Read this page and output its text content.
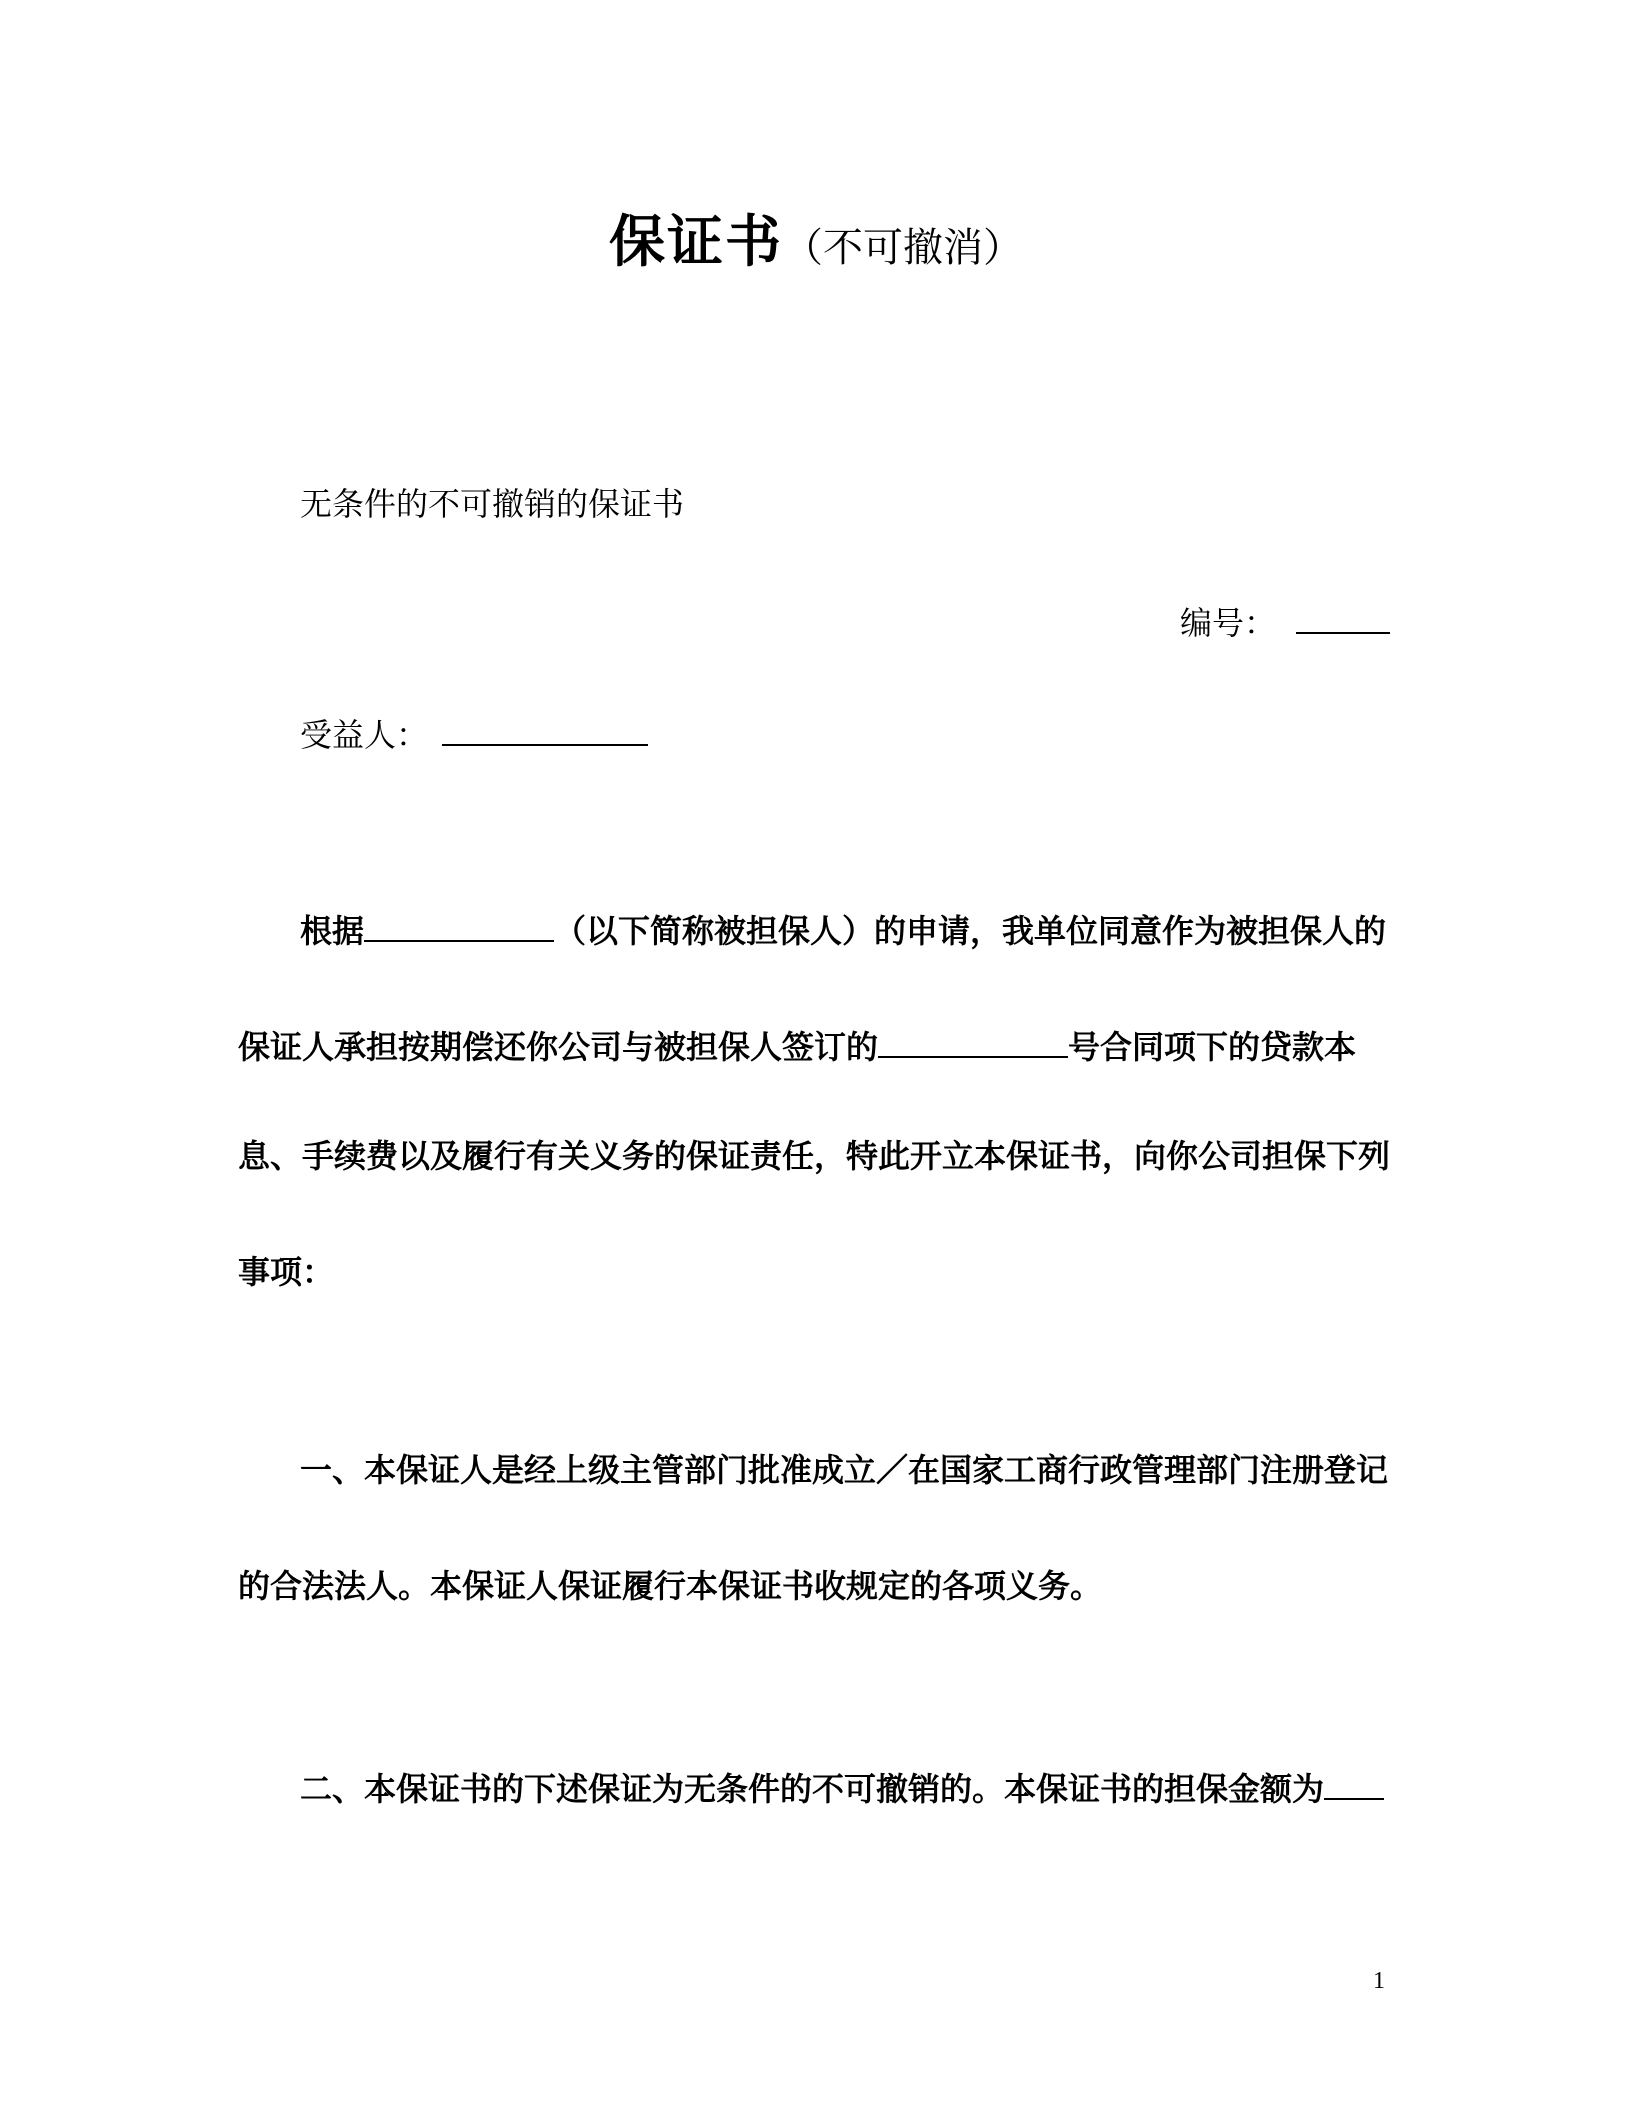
保证书（不可撤消）
无条件的不可撤销的保证书
编号：
受益人：
根据	（以下简称被担保人）的申请，我单位同意作为被担保人的
保证人承担按期偿还你公司与被担保人签订的	号合同项下的贷款本
息、手续费以及履行有关义务的保证责任，特此开立本保证书，向你公司担保下列
事项：
一、本保证人是经上级主管部门批准成立／在国家工商行政管理部门注册登记
的合法法人。本保证人保证履行本保证书收规定的各项义务。
二、本保证书的下述保证为无条件的不可撤销的。本保证书的担保金额为
1
